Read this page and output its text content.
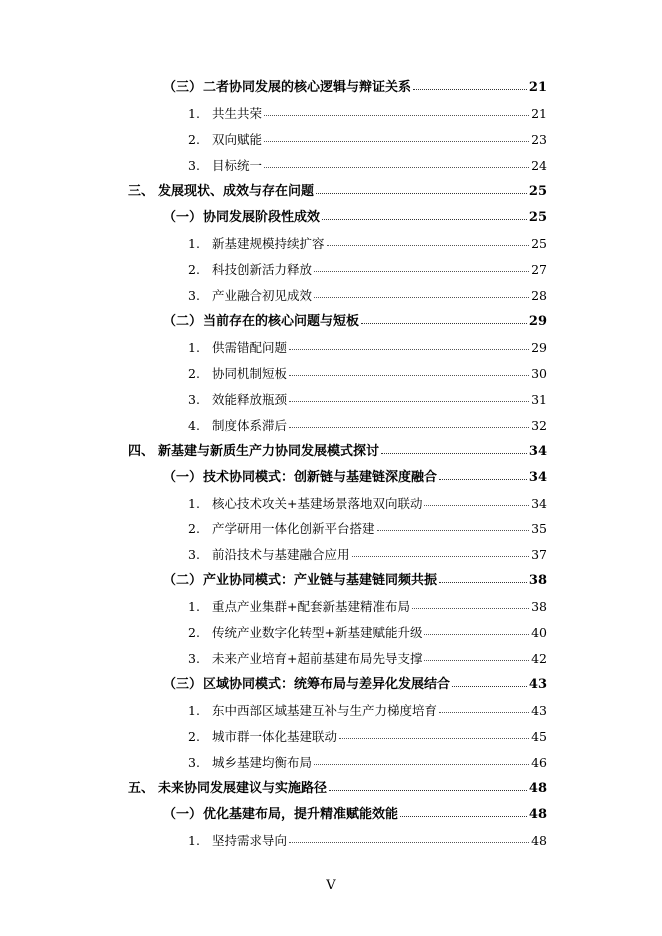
（三） 二者协同发展的核心逻辑与辩证关系	21
1. 共生共荣	21
2. 双向赋能	23
3. 目标统一	24
三、 发展现状、成效与存在问题	25
（一） 协同发展阶段性成效	25
1. 新基建规模持续扩容	25
2. 科技创新活力释放	27
3. 产业融合初见成效	28
（二） 当前存在的核心问题与短板	29
1. 供需错配问题	29
2. 协同机制短板	30
3. 效能释放瓶颈	31
4. 制度体系滞后	32
四、 新基建与新质生产力协同发展模式探讨	34
（一） 技术协同模式：创新链与基建链深度融合	34
1. 核心技术攻关+基建场景落地双向联动	34
2. 产学研用一体化创新平台搭建	35
3. 前沿技术与基建融合应用	37
（二） 产业协同模式：产业链与基建链同频共振	38
1. 重点产业集群+配套新基建精准布局	38
2. 传统产业数字化转型+新基建赋能升级	40
3. 未来产业培育+超前基建布局先导支撑	42
（三） 区域协同模式：统筹布局与差异化发展结合	43
1. 东中西部区域基建互补与生产力梯度培育	43
2. 城市群一体化基建联动	45
3. 城乡基建均衡布局	46
五、 未来协同发展建议与实施路径	48
（一） 优化基建布局，提升精准赋能效能	48
1. 坚持需求导向	48
V
